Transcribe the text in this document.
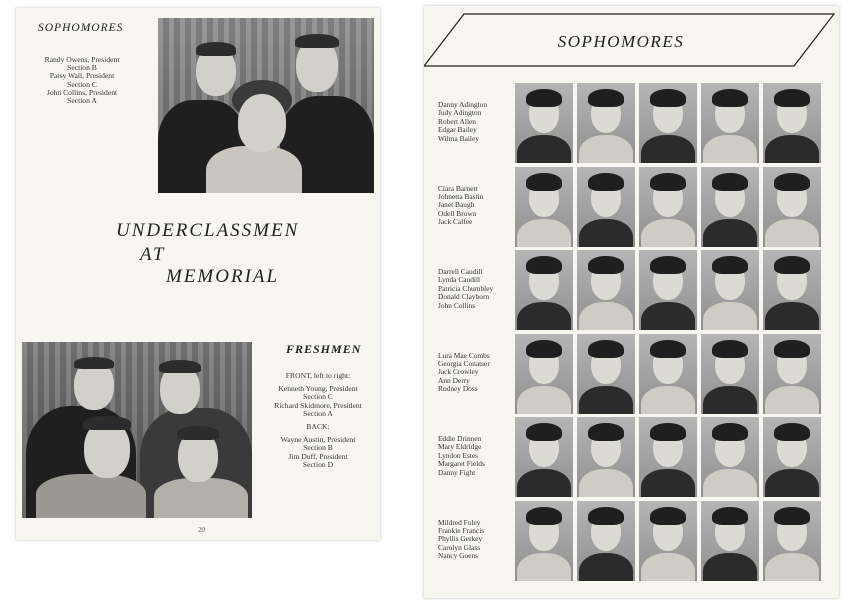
SOPHOMORES
Randy Owens, President
Section B
Patsy Wall, President
Section C
John Collins, President
Section A
UNDERCLASSMEN
AT
MEMORIAL
FRESHMEN
FRONT, left to right:
Kenneth Young, President
Section C
Richard Skidmore, President
Section A
BACK:
Wayne Austin, President
Section B
Jim Duff, President
Section D
20
SOPHOMORES
Danny Adington
Judy Adington
Robert Allen
Edgar Bailey
Wilma Bailey
Clara Barnett
Johnetta Bastin
Janet Baugh
Odell Brown
Jack Calfee
Darrell Caudill
Lynda Caudill
Patricia Chumbley
Donald Clayborn
John Collins
Lura Mae Combs
Georgia Conatser
Jack Crowley
Ann Derry
Rodney Doss
Eddie Drinnen
Mary Eldridge
Lyndon Estes
Margaret Fields
Danny Fight
Mildred Foley
Frankie Francis
Phyllis Gerkey
Carolyn Glass
Nancy Goens
